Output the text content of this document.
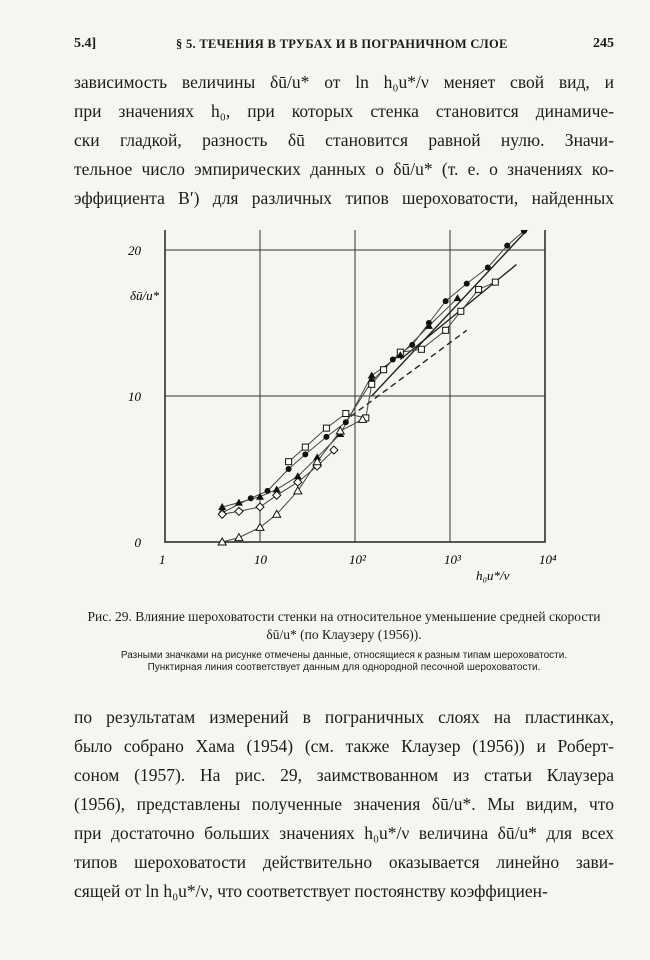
5.4]	§ 5. ТЕЧЕНИЯ В ТРУБАХ И В ПОГРАНИЧНОМ СЛОЕ	245
зависимость величины δū/u* от ln h₀u*/ν меняет свой вид, и
при значениях h₀, при которых стенка становится динамиче-
ски гладкой, разность δū становится равной нулю. Значи-
тельное число эмпирических данных о δū/u* (т. е. о значениях ко-
эффициента B′) для различных типов шероховатости, найденных
1	10	10²	10³	10⁴
0
10
20
δū/u*
h₀u*/ν
Рис. 29. Влияние шероховатости стенки на относительное уменьшение средней скорости δū/u* (по Клаузеру (1956)).
Разными значками на рисунке отмечены данные, относящиеся к разным типам шероховатости. Пунктирная линия соответствует данным для однородной песочной шероховатости.
по результатам измерений в пограничных слоях на пластинках,
было собрано Хама (1954) (см. также Клаузер (1956)) и Роберт-
соном (1957). На рис. 29, заимствованном из статьи Клаузера
(1956), представлены полученные значения δū/u*. Мы видим, что
при достаточно больших значениях h₀u*/ν величина δū/u* для всех
типов шероховатости действительно оказывается линейно зави-
сящей от ln h₀u*/ν, что соответствует постоянству коэффициен-
